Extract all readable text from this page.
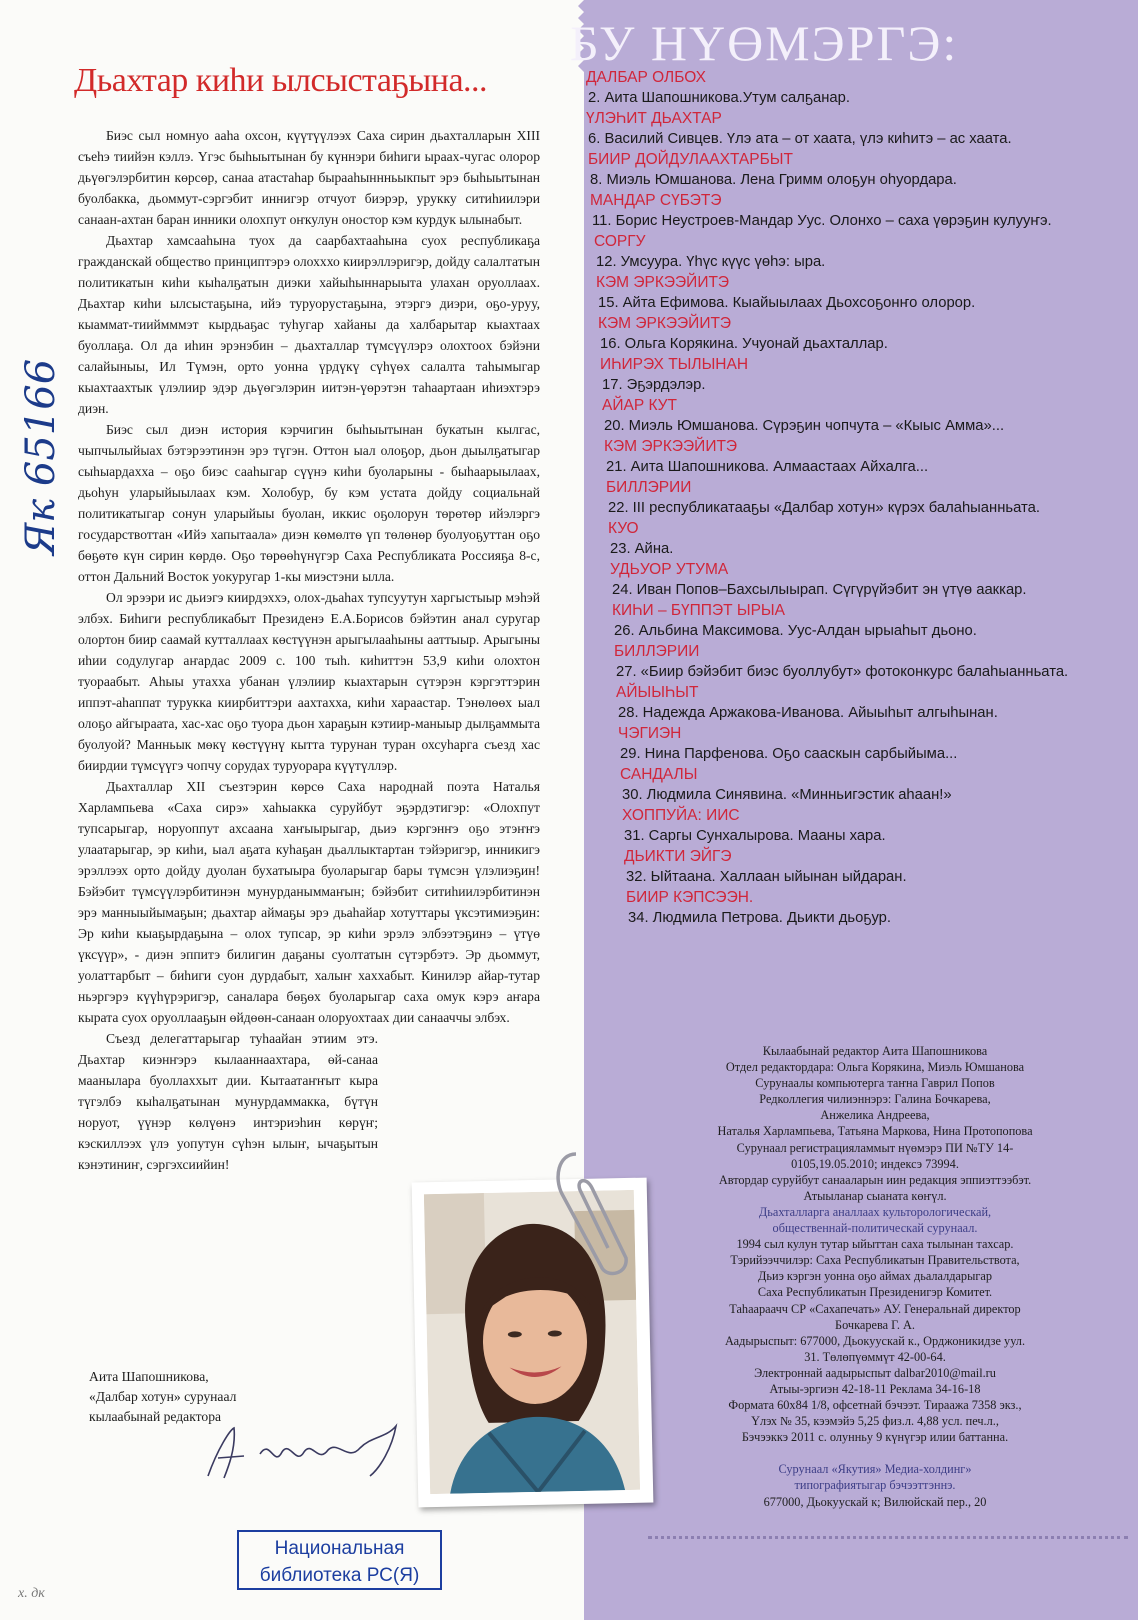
Дьахтар киhи ылсыстаҕына...

Биэс сыл номнуо ааһа охсон, күүтүүлээх Саха сирин дьахталларын XIII съеhэ тиийэн кэллэ. Үгэс быһыытынан бу күннэри биhиги ыраах-чугас олорор дьүөгэлэрбитин көрсөр, санаа атастаһар бырааһыннньыкпыт эрэ быһыытынан буолбакка, дьоммут-сэргэбит иннигэр отчуот биэрэр, урукку ситиһиилэри санаан-ахтан баран инники олохпут оҥкулун оностор кэм курдук ылынабыт.

Дьахтар хамсааһына туох да саарбахтааһына суох республикаҕа гражданскай общество принциптэрэ олохххо киирэллэригэр, дойду салалтатын политикатын киhи кыһалҕатын диэки хайыһыннарыыта улахан оруоллаах. Дьахтар киhи ылсыстаҕына, ийэ туруорустаҕына, этэргэ диэри, оҕо-уруу, кыаммат-тииймммэт кырдьаҕас туһугар хайаны да халбарытар кыахтаах буоллаҕа. Ол да иһин эрэнэбин – дьахталлар түмсүүлэрэ олохтооx бэйэни салайыныы, Ил Түмэн, орто уонна үрдүкү сүһүөх салалта таһымыгар кыахтаахтык үлэлиир эдэр дьүөгэлэрин иитэн-үөрэтэн таһаартаан иһиэхтэрэ диэн.

Биэс сыл диэн история кэрчигин быһыытынан букатын кылгас, чыпчылыйыах бэтэрээтинэн эрэ түгэн. Оттон ыал олоҕор, дьон дыылҕатыгар сыһыардахха – оҕо биэс сааһыгар сүүнэ киhи буоларыны - быһаарыылаах, дьоһун уларыйыылаах кэм. Холобур, бу кэм устата дойду социальнай политикатыгар сонун уларыйыы буолан, иккис оҕолорун төрөтөр ийэлэргэ государствоттан «Ийэ хапытаала» диэн көмөлтө үп төлөнөр буолуоҕуттан оҕо бөҕөтө күн сирин көрдө. Оҕо төрөөһүнүгэр Саха Республиката Россияҕа 8-с, оттон Дальний Восток уокуругар 1-кы миэстэни ылла.

Ол эрээри ис дьиэгэ киирдэххэ, олох-дьаһах тупсуутун харгыстыыр мэһэй элбэх. Биһиги республикабыт Президенэ Е.А.Борисов бэйэтин анал суругар олортон биир саамай кутталлаах көстүүнэн арыгылааһыны ааттыыр. Арыгыны иһии содулугар аҥардас 2009 с. 100 тыһ. киһиттэн 53,9 киһи олохтон туораабыт. Аһыы утахха убанан үлэлиир кыахтарын сүтэрэн кэргэттэрин иппэт-аһаппат турукка киирбиттэри аахтахха, киhи хараастар. Тэнөлөөх ыал олоҕо айгыраата, хас-хас оҕо туора дьон хараҕын кэтиир-маныыр дылҕаммыта буолуой? Манньык мөкү көстүүнү кытта турунан туран охсуһарга съезд хас биирдии түмсүүгэ чопчу сорудах туруорара күүтүллэр.

Дьахталлар XII съезтэрин көрсө Саха народнай поэта Наталья Харлампьева «Саха сирэ» хаһыакка суруйбут эҕэрдэтигэр: «Олохпут тупсарыгар, норуоппут ахсаана хаҥыырыгар, дьиэ кэргэнҥэ оҕо этэҥҥэ улаатарыгар, эр киhи, ыал аҕата куһаҕан дьаллыктартан тэйэригэр, инникигэ эрэллээх орто дойду дуолан бухатыыра буоларыгар бары түмсэн үлэлиэҕин! Бэйэбит түмсүүлэрбитинэн мунурданыммаҥын; бэйэбит ситиһиилэрбитинэн эрэ манныыйымаҕын; дьахтар аймаҕы эрэ дьаһайар хотуттары үксэтимиэҕин: Эр киhи кыаҕырдаҕына – олох тупсар, эр киhи эрэлэ элбээтэҕинэ – үтүө үксүүр», - диэн эппитэ билигин даҕаны суолтатын сүтэрбэтэ. Эр дьоммут, уолаттарбыт – биһиги суон дурдабыт, халыҥ хаххабыт. Кинилэр айар-тутар ньэргэрэ күүһүрэригэр, саналара бөҕөх буоларыгар саха омук кэрэ аҥара кырата суох оруоллааҕын өйдөөн-санаан олоруохтаах дии санааччы элбэх.

Съезд делегаттарыгар туһаайан этиим этэ. Дьахтар киэнҥэрэ кылааннаахтара, өй-санаа маанылара буоллаххыт дии. Кытаатаҥҥыт кыра түгэлбэ кыһалҕатынан мунурдаммакка, бүтүн норуот, үүнэр көлүөнэ интэриэһин көрүҥ; кэскиллээх үлэ уопутун сүһэн ылыҥ, ычаҕытын кэнэтиниҥ, сэргэхсиийин!

Аита Шапошникова,
«Далбар хотун» сурунаал
кылаабынай редактора
Як 65166
х. дк
Национальная
библиотека РС(Я)
БУ НҮӨМЭРГЭ:
ДАЛБАР ОЛБОХ
2. Аита Шапошникова.Утум салҕанар.
ҮЛЭҺИТ ДЬАХТАР
6. Василий Сивцев. Үлэ ата – от хаата, үлэ киhитэ – ас хаата.
БИИР ДОЙДУЛААХТАРБЫТ
8. Миэль Юмшанова. Лена Гримм олоҕун оһуордара.
МАНДАР СҮБЭТЭ
11. Борис Неустроев-Мандар Уус. Олонхо – саха үөрэҕин кулууҥэ.
СОРГУ
12. Умсуура. Үһүс күүс үөһэ: ыра.
КЭМ ЭРКЭЭЙИТЭ
15. Айта Ефимова. Кыайыылаах Дьохсоҕонҥо олорор.
КЭМ ЭРКЭЭЙИТЭ
16. Ольга Корякина. Учуонай дьахталлар.
ИҺИРЭХ ТЫЛЫНАН
17. Эҕэрдэлэр.
АЙАР КУТ
20. Миэль Юмшанова. Сүрэҕин чопчута – «Кыыс Амма»...
КЭМ ЭРКЭЭЙИТЭ
21. Аита Шапошникова. Алмаастаах Айхалга...
БИЛЛЭРИИ
22. III республикатааҕы «Далбар хотун» күрэх балаһыанньата.
КУО
23. Айна.
УДЬУОР УТУМА
24. Иван Попов–Бахсылыырап. Сүгүрүйэбит эн үтүө ааккар.
КИҺИ – БҮППЭТ ЫРЫА
26. Альбина Максимова. Уус-Алдан ырыаһыт дьоно.
БИЛЛЭРИИ
27. «Биир бэйэбит биэс буоллубут» фотоконкурс балаһыанньата.
АЙЫЫҺЫТ
28. Надежда Аржакова-Иванова. Айыыһыт алгыһынан.
ЧЭГИЭН
29. Нина Парфенова. Оҕо сааскын сарбыйыма...
САНДАЛЫ
30. Людмила Синявина. «Минньигэстик аһаан!»
ХОППУЙА: ИИС
31. Саргы Сунхалырова. Мааны хара.
ДЬИКТИ ЭЙГЭ
32. Ыйтаана. Халлаан ыйынан ыйдаран.
БИИР КЭПСЭЭН.
34. Людмила Петрова. Дьикти дьоҕур.
Кылаабынай редактор Аита Шапошникова
Отдел редактордара: Ольга Корякина, Миэль Юмшанова
Сурунаалы компьютерга таҥна Гаврил Попов
Редколлегия чилиэннэрэ: Галина Бочкарева,
Анжелика Андреева,
Наталья Харлампьева, Татьяна Маркова, Нина Протопопова
Сурунаал регистрацияламмыт нүөмэрэ ПИ №ТУ 14-
0105,19.05.2010; индексэ 73994.
Автордар суруйбут санааларын иин редакция эппиэттээбэт.
Атыыланар сыаната көҥүл.
Дьахталларга аналлаах культорологическай,
общественнай-политическай сурунаал.
1994 сыл кулун тутар ыйыттан саха тылынан тахсар.
Тэрийээччилэр: Саха Республикатын Правительствота,
Дьиэ кэргэн уонна оҕо аймах дьалалдарыгар
Саха Республикатын Президенигэр Комитет.
Таһаараачч СР «Сахапечать» АУ. Генеральнай директор
Бочкарева Г. А.
Аадырыспыт: 677000, Дьокуускай к., Орджоникидзе уул.
31. Төлөпүөммүт 42-00-64.
Электроннай аадырыспыт dalbar2010@mail.ru
Атыы-эргиэн 42-18-11 Реклама 34-16-18
Формата 60х84 1/8, офсетнай бэчээт. Тираажа 7358 экз.,
Үлэх № 35, кээмэйэ 5,25 физ.л. 4,88 усл. печ.л.,
Бэчээккэ 2011 с. олунньу 9 күнүгэр илии баттанна.
Сурунаал «Якутия» Медиа-холдинг»
типографиятыгар бэчээттэннэ.
677000, Дьокуускай к; Вилюйскай пер., 20
